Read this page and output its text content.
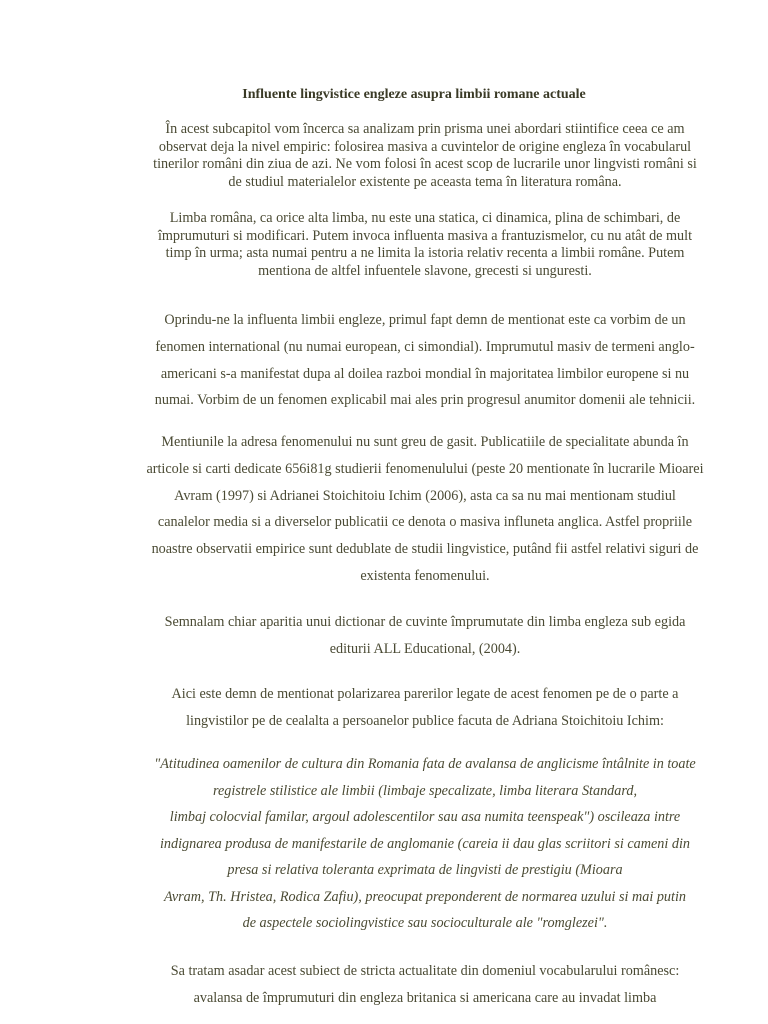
Influente lingvistice engleze asupra limbii romane actuale
În acest subcapitol vom încerca sa analizam prin prisma unei abordari stiintifice ceea ce am
observat deja la nivel empiric: folosirea masiva a cuvintelor de origine engleza în vocabularul
tinerilor români din ziua de azi. Ne vom folosi în acest scop de lucrarile unor lingvisti români si
de studiul materialelor existente pe aceasta tema în literatura româna.
Limba româna, ca orice alta limba, nu este una statica, ci dinamica, plina de schimbari, de
împrumuturi si modificari. Putem invoca influenta masiva a frantuzismelor, cu nu atât de mult
timp în urma; asta numai pentru a ne limita la istoria relativ recenta a limbii române. Putem
mentiona de altfel infuentele slavone, grecesti si unguresti.
Oprindu-ne la influenta limbii engleze, primul fapt demn de mentionat este ca vorbim de un
fenomen international (nu numai european, ci simondial). Imprumutul masiv de termeni anglo-
americani s-a manifestat dupa al doilea razboi mondial în majoritatea limbilor europene si nu
numai. Vorbim de un fenomen explicabil mai ales prin progresul anumitor domenii ale tehnicii.
Mentiunile la adresa fenomenului nu sunt greu de gasit. Publicatiile de specialitate abunda în
articole si carti dedicate 656i81g studierii fenomenulului (peste 20 mentionate în lucrarile Mioarei
Avram (1997) si Adrianei Stoichitoiu Ichim (2006), asta ca sa nu mai mentionam studiul
canalelor media si a diverselor publicatii ce denota o masiva influneta anglica. Astfel propriile
noastre observatii empirice sunt dedublate de studii lingvistice, putând fii astfel relativi siguri de
existenta fenomenului.
Semnalam chiar aparitia unui dictionar de cuvinte împrumutate din limba engleza sub egida
editurii ALL Educational, (2004).
Aici este demn de mentionat polarizarea parerilor legate de acest fenomen pe de o parte a
lingvistilor pe de cealalta a persoanelor publice facuta de Adriana Stoichitoiu Ichim:
"Atitudinea oamenilor de cultura din Romania fata de avalansa de anglicisme întâlnite in toate
registrele stilistice ale limbii (limbaje specalizate, limba literara Standard,
limbaj colocvial familar, argoul adolescentilor sau asa numita teenspeak") oscileaza intre
indignarea produsa de manifestarile de anglomanie (careia ii dau glas scriitori si cameni din
presa si relativa toleranta exprimata de lingvisti de prestigiu (Mioara
Avram, Th. Hristea, Rodica Zafiu), preocupat preponderent de normarea uzului si mai putin
de aspectele sociolingvistice sau socioculturale ale "romglezei".
Sa tratam asadar acest subiect de stricta actualitate din domeniul vocabularului românesc:
avalansa de împrumuturi din engleza britanica si americana care au invadat limba
